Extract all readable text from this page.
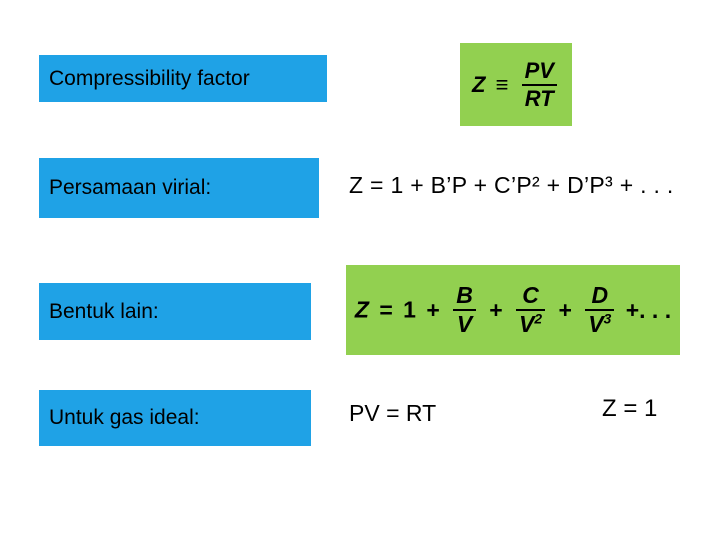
Compressibility factor	$Z \equiv \frac{PV}{RT}$
Persamaan virial:	Z = 1 + B’P + C’P² + D’P³ + . . .
Bentuk lain:	$Z = 1 + \frac{B}{V} + \frac{C}{V^2} + \frac{D}{V^3}$ +. . .
Untuk gas ideal:	PV = RT	Z = 1
